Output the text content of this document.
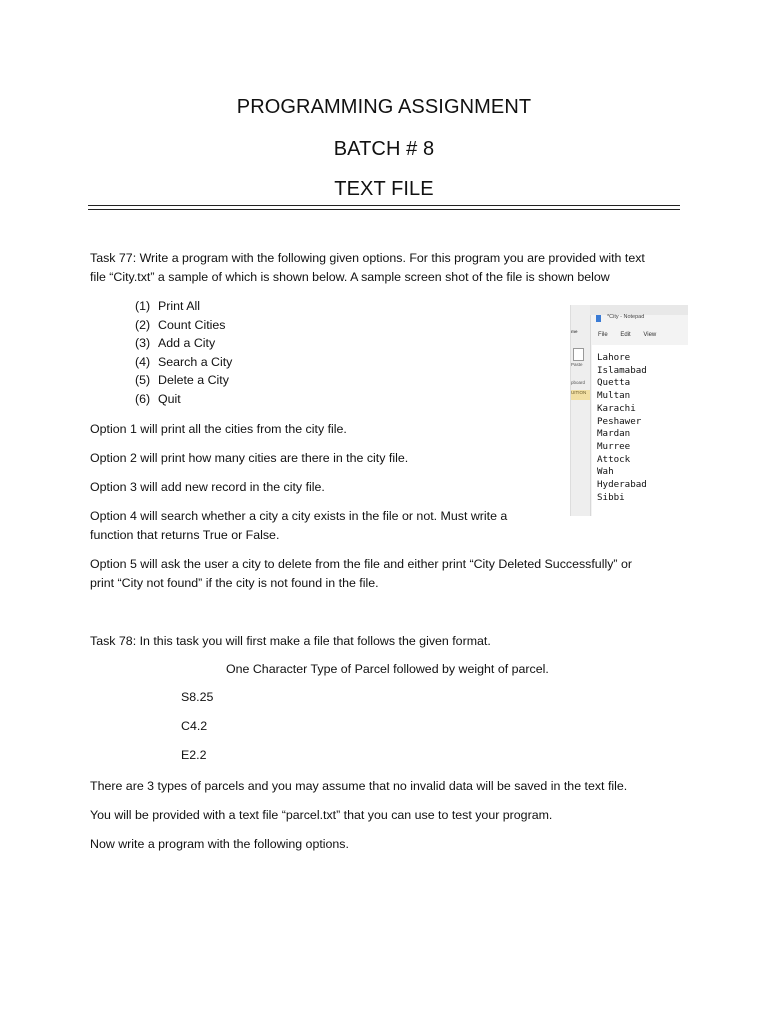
PROGRAMMING ASSIGNMENT
BATCH # 8
TEXT FILE
Task 77: Write a program with the following given options. For this program you are provided with text
file “City.txt” a sample of which is shown below. A sample screen shot of the file is shown below
(1) Print All
(2) Count Cities
(3) Add a City
(4) Search a City
(5) Delete a City
(6) Quit
Option 1 will print all the cities from the city file.
Option 2 will print how many cities are there in the city file.
Option 3 will add new record in the city file.
Option 4 will search whether a city a city exists in the file or not. Must write a
function that returns True or False.
Option 5 will ask the user a city to delete from the file and either print “City Deleted Successfully” or
print “City not found” if the city is not found in the file.
me
Paste
pboard
UITION
*City - Notepad
File Edit View
Lahore
Islamabad
Quetta
Multan
Karachi
Peshawer
Mardan
Murree
Attock
Wah
Hyderabad
Sibbi
Task 78: In this task you will first make a file that follows the given format.
One Character Type of Parcel followed by weight of parcel.
S8.25
C4.2
E2.2
There are 3 types of parcels and you may assume that no invalid data will be saved in the text file.
You will be provided with a text file “parcel.txt” that you can use to test your program.
Now write a program with the following options.
